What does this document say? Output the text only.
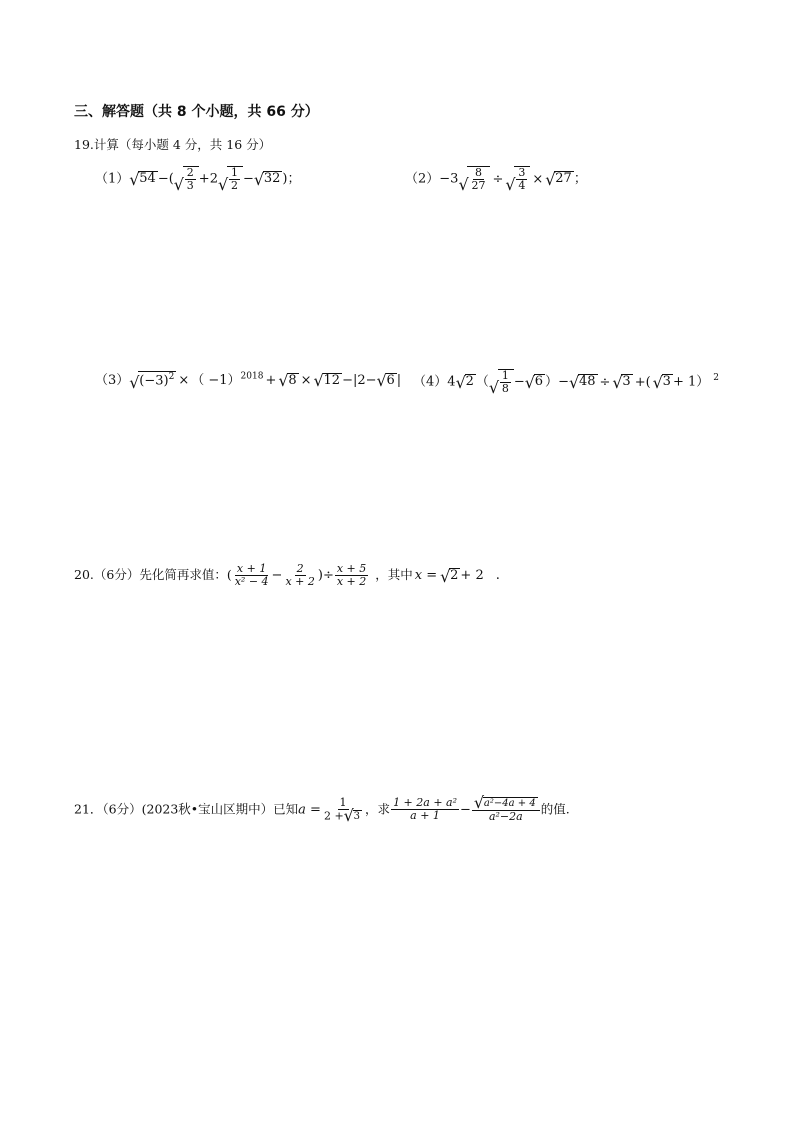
三、解答题（共 8 个小题，共 66 分）
19.计算（每小题 4 分，共 16 分）
（1） √ 54 −( √ $\frac{2}{3} +2$ √ $\frac{1}{2}$ − √ 32 )；	（2）−3 √ $\frac{8}{27}$ ÷ √ $\frac{3}{4}$ × √ 27 ；
（3） √ $(-3)^2$ × （ −1）$^{2018}$ + √ 8 × √ 12 −|2− √ 6 | （4）4 √ 2 （ √ $\frac{1}{8}$ − √ 6 ）− √ 48 ÷ √ 3 +( √ 3 + 1） $^2$
20.（6分）先化简再求值：( $\frac{x + 1}{\text{x² − 4}} - \frac{2}{x + 2}$ )÷ $\frac{x + 5}{x + 2}$ ，其中 x = √ 2 + 2 .
21．（6分）(2023秋•宝山区期中）已知$a = \frac{1}{2 + √ 3}$ ，求 $\frac{\text{1 + 2a + a²}}{a + 1}$ − √ $\frac{\text{a²−4a + 4}}{\text{a²−2a}}$ 的值.
